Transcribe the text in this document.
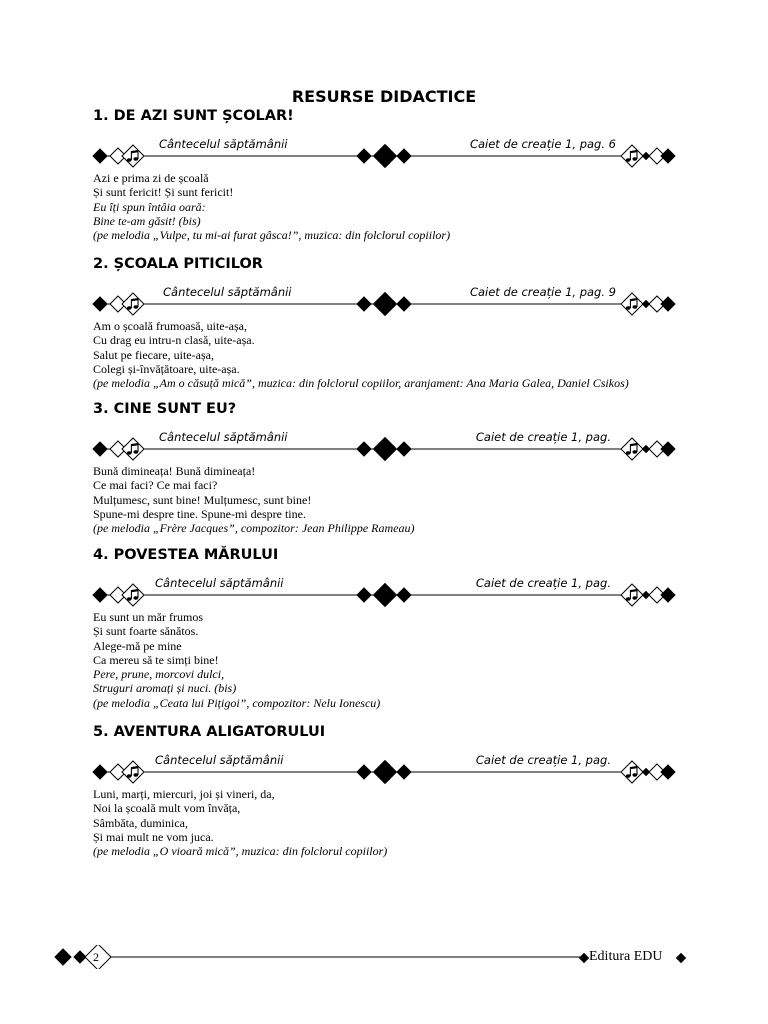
RESURSE DIDACTICE
1. DE AZI SUNT ȘCOLAR!
Cântecelul săptămânii	Caiet de creație 1, pag. 6
Azi e prima zi de școală
Și sunt fericit! Și sunt fericit!
Eu îți spun întâia oară:
Bine te-am găsit! (bis)
(pe melodia „Vulpe, tu mi-ai furat gâsca!”, muzica: din folclorul copiilor)
2. ȘCOALA PITICILOR
Cântecelul săptămânii	Caiet de creație 1, pag. 9
Am o școală frumoasă, uite-așa,
Cu drag eu intru-n clasă, uite-așa.
Salut pe fiecare, uite-așa,
Colegi și-învățătoare, uite-așa.
(pe melodia „Am o căsuță mică”, muzica: din folclorul copiilor, aranjament: Ana Maria Galea, Daniel Csikos)
3. CINE SUNT EU?
Cântecelul săptămânii	Caiet de creație 1, pag.
Bună dimineața! Bună dimineața!
Ce mai faci? Ce mai faci?
Mulțumesc, sunt bine! Mulțumesc, sunt bine!
Spune-mi despre tine. Spune-mi despre tine.
(pe melodia „Frère Jacques”, compozitor: Jean Philippe Rameau)
4. POVESTEA MĂRULUI
Cântecelul săptămânii	Caiet de creație 1, pag.
Eu sunt un măr frumos
Și sunt foarte sănătos.
Alege-mă pe mine
Ca mereu să te simți bine!
Pere, prune, morcovi dulci,
Struguri aromați și nuci. (bis)
(pe melodia „Ceata lui Pițigoi”, compozitor: Nelu Ionescu)
5. AVENTURA ALIGATORULUI
Cântecelul săptămânii	Caiet de creație 1, pag.
Luni, marți, miercuri, joi și vineri, da,
Noi la școală mult vom învăța,
Sâmbăta, duminica,
Și mai mult ne vom juca.
(pe melodia „O vioară mică”, muzica: din folclorul copiilor)
2	Editura EDU
